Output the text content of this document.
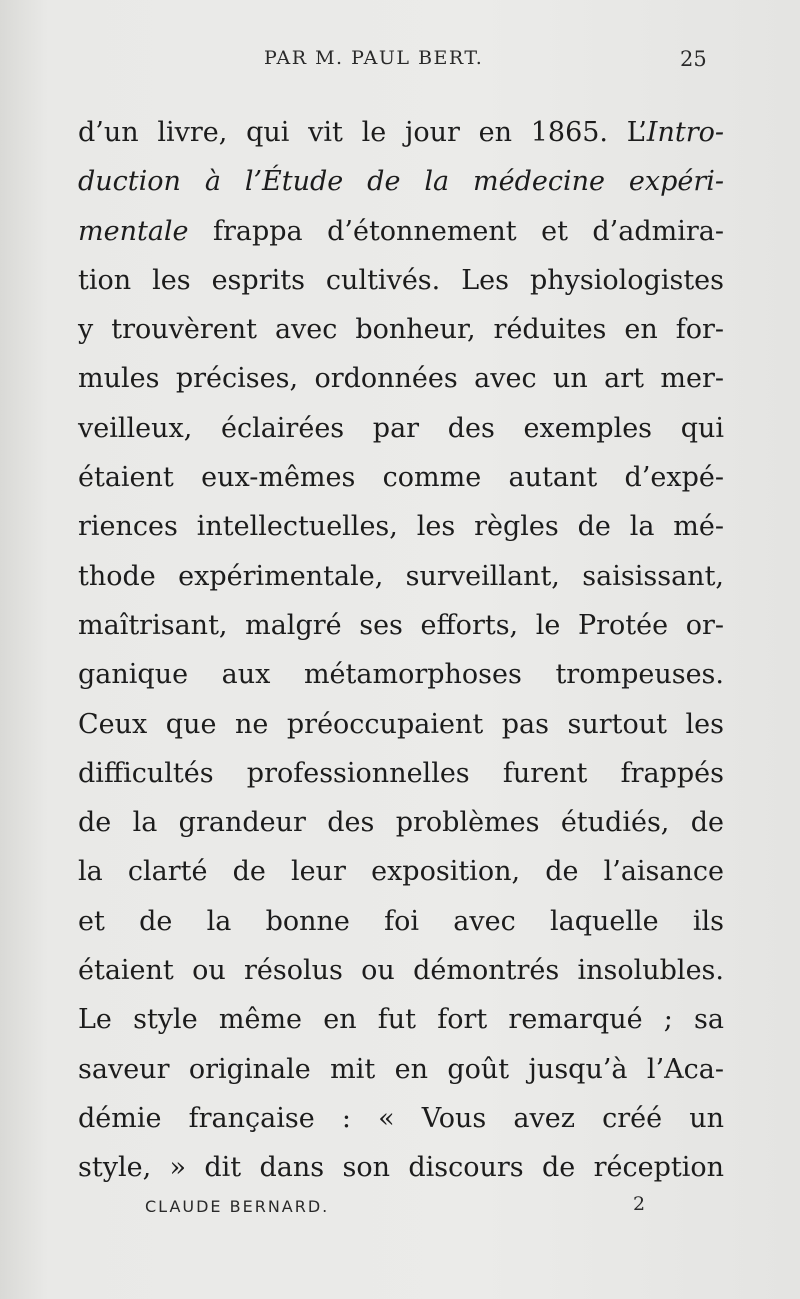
PAR M. PAUL BERT.	25
d’un livre, qui vit le jour en 1865. L’Intro-
duction à l’Étude de la médecine expéri-
mentale frappa d’étonnement et d’admira-
tion les esprits cultivés. Les physiologistes
y trouvèrent avec bonheur, réduites en for-
mules précises, ordonnées avec un art mer-
veilleux, éclairées par des exemples qui
étaient eux-mêmes comme autant d’expé-
riences intellectuelles, les règles de la mé-
thode expérimentale, surveillant, saisissant,
maîtrisant, malgré ses efforts, le Protée or-
ganique aux métamorphoses trompeuses.
Ceux que ne préoccupaient pas surtout les
difficultés professionnelles furent frappés
de la grandeur des problèmes étudiés, de
la clarté de leur exposition, de l’aisance
et de la bonne foi avec laquelle ils
étaient ou résolus ou démontrés insolubles.
Le style même en fut fort remarqué ; sa
saveur originale mit en goût jusqu’à l’Aca-
démie française : « Vous avez créé un
style, » dit dans son discours de réception
CLAUDE BERNARD.	2
